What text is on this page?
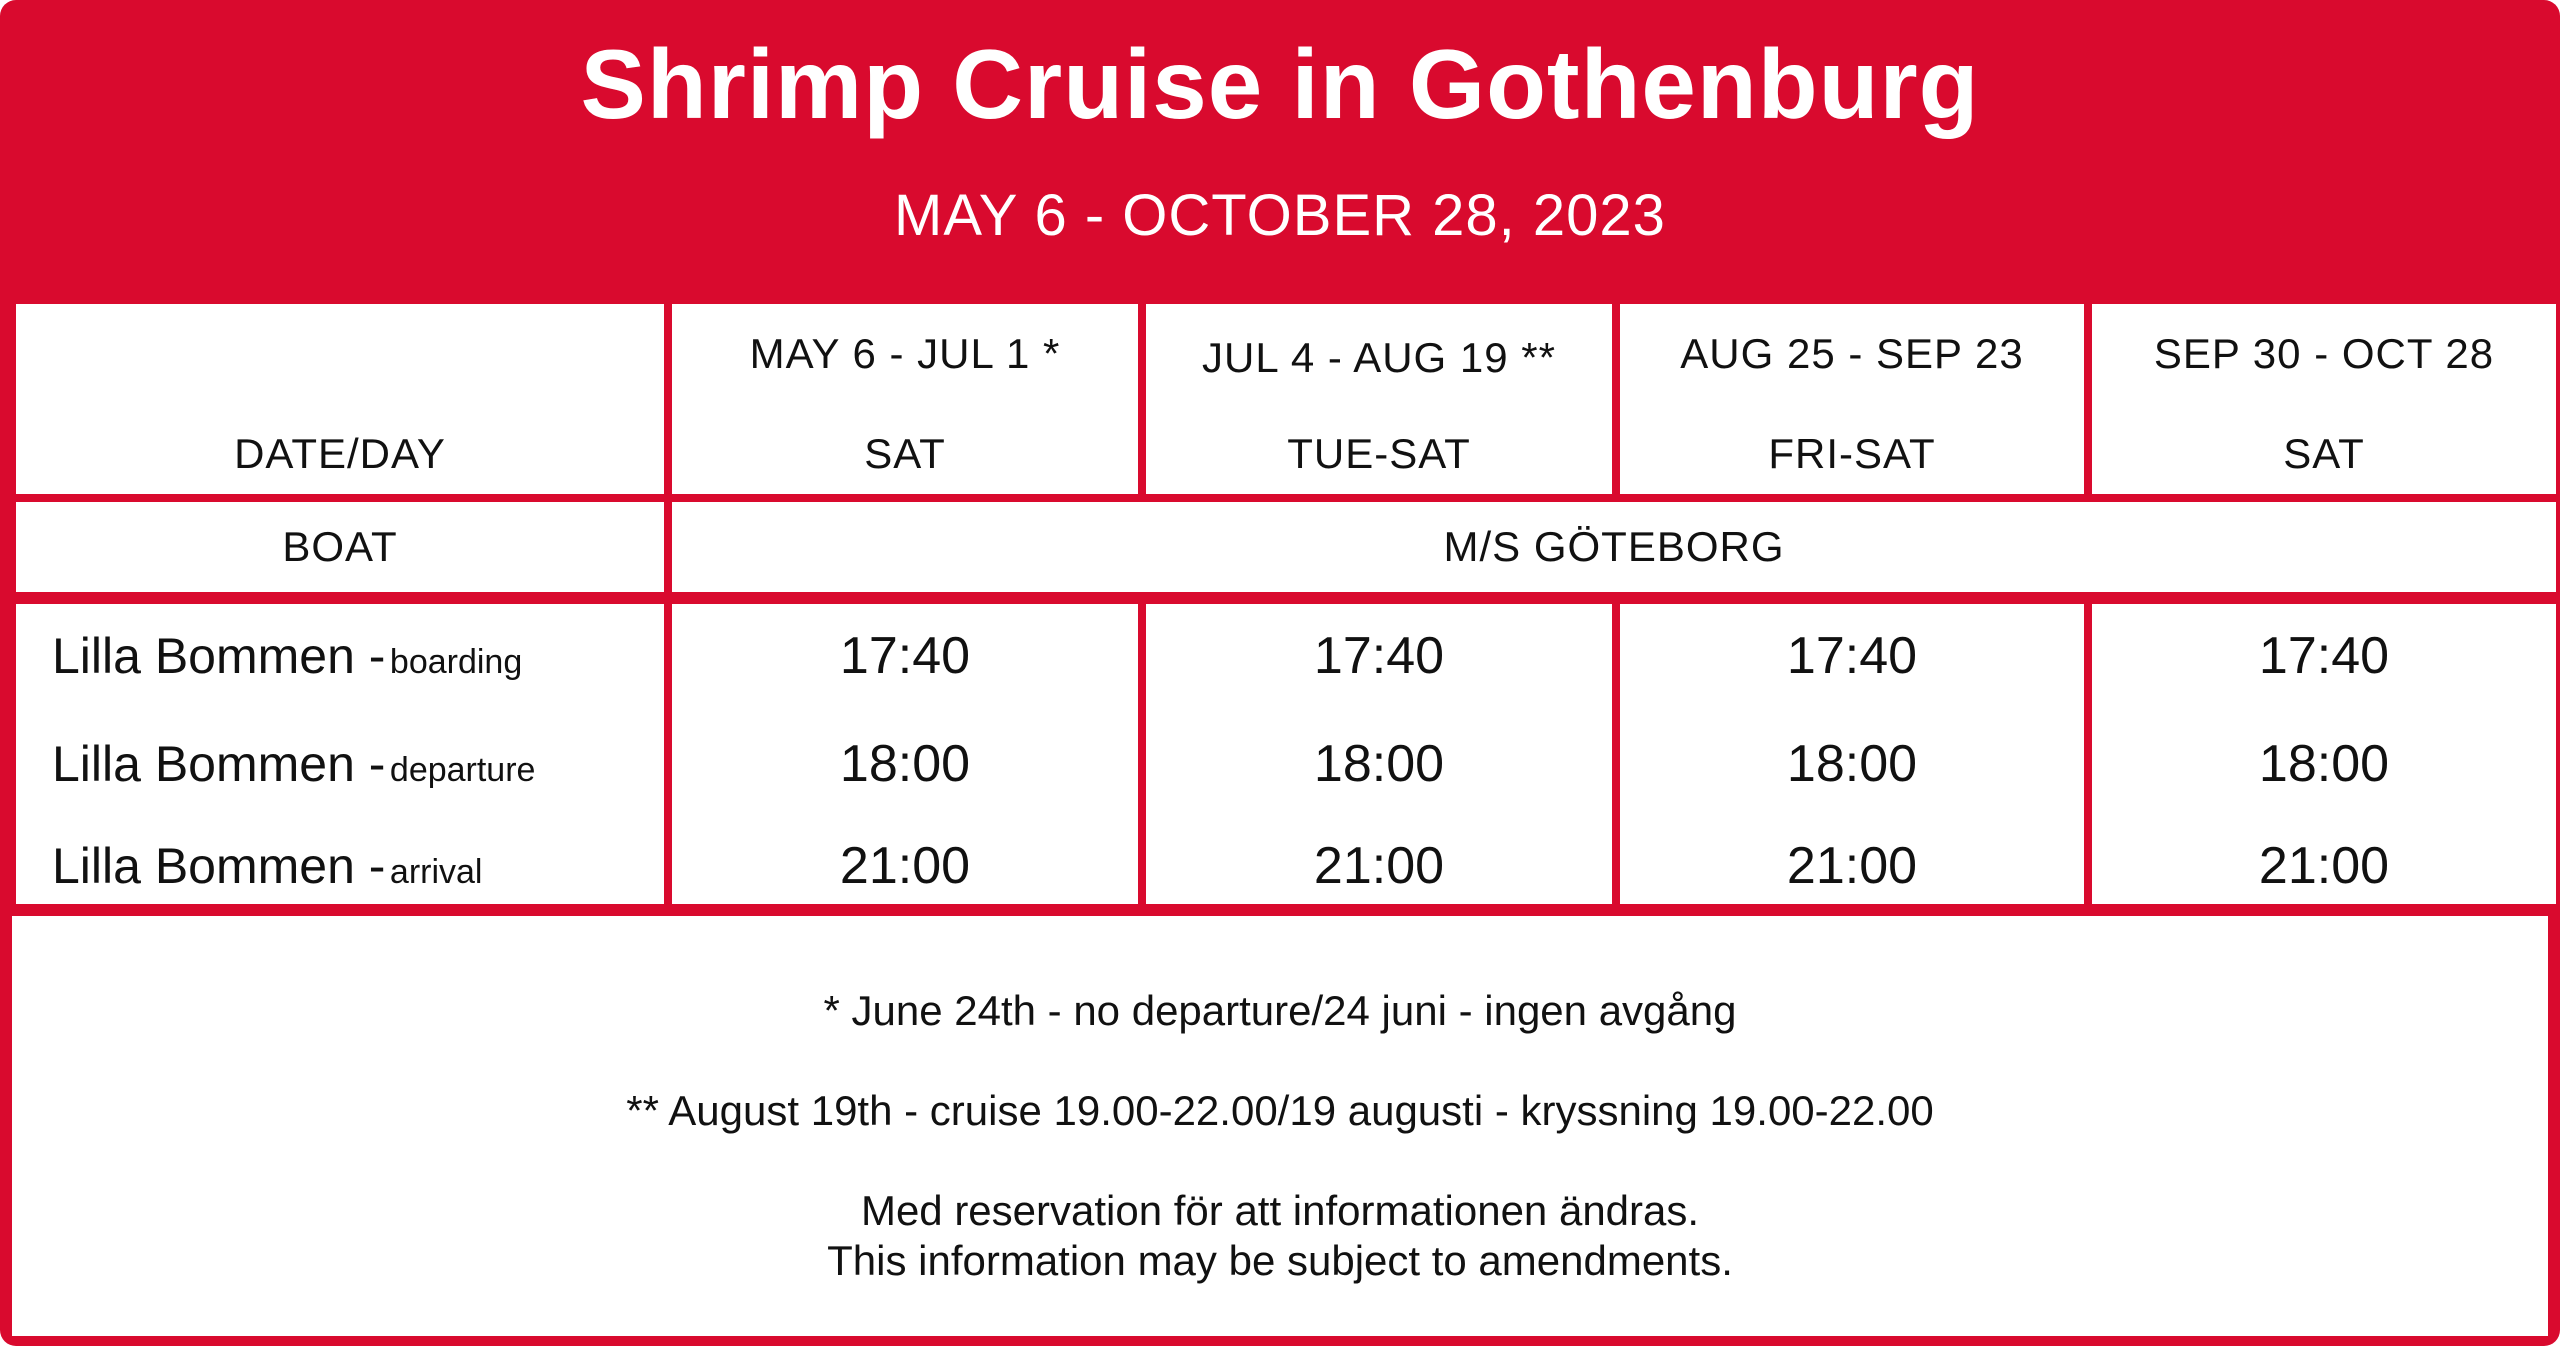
Shrimp Cruise in Gothenburg
MAY 6 - OCTOBER 28, 2023
DATE/DAY
MAY 6 - JUL 1 *
SAT
JUL 4 - AUG 19 **
TUE-SAT
AUG 25 - SEP 23
FRI-SAT
SEP 30 - OCT 28
SAT
BOAT	M/S GÖTEBORG
Lilla Bommen - boarding
Lilla Bommen - departure
Lilla Bommen - arrival
17:40
18:00
21:00
17:40
18:00
21:00
17:40
18:00
21:00
17:40
18:00
21:00
* June 24th - no departure/24 juni - ingen avgång
** August 19th - cruise 19.00-22.00/19 augusti - kryssning 19.00-22.00
Med reservation för att informationen ändras.
This information may be subject to amendments.
